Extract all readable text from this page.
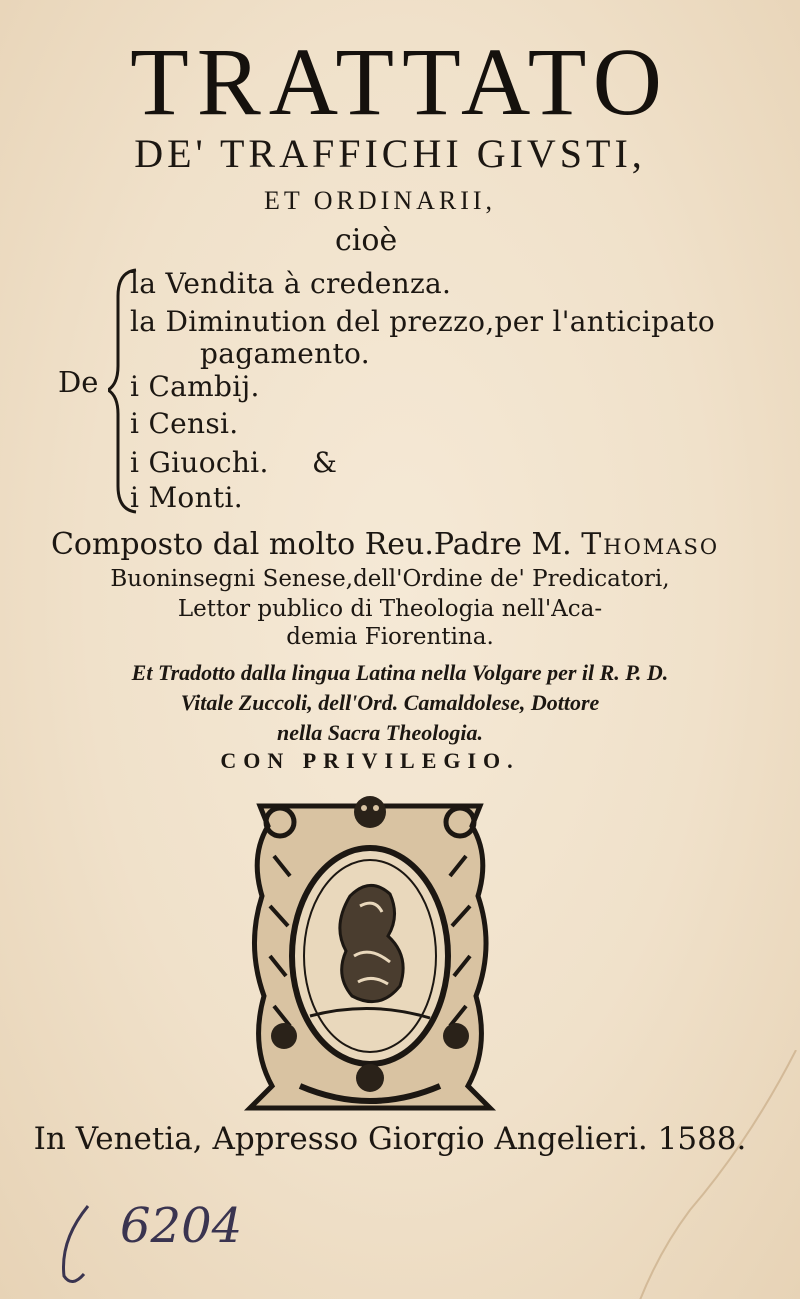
TRATTATO
DE' TRAFFICHI GIVSTI,
ET ORDINARII,
cioè
De
la Vendita à credenza.
la Diminution del prezzo,per l'anticipato
pagamento.
i Cambij.
i Censi.
i Giuochi.
i Monti.
&
Composto dal molto Reu.Padre M. Thomaso
Buoninsegni Senese,dell'Ordine de' Predicatori,
Lettor publico di Theologia nell'Aca-
demia Fiorentina.
Et Tradotto dalla lingua Latina nella Volgare per il R. P. D.
Vitale Zuccoli, dell'Ord. Camaldolese, Dottore
nella Sacra Theologia.
CON PRIVILEGIO.
In Venetia, Appresso Giorgio Angelieri. 1588.
6204
